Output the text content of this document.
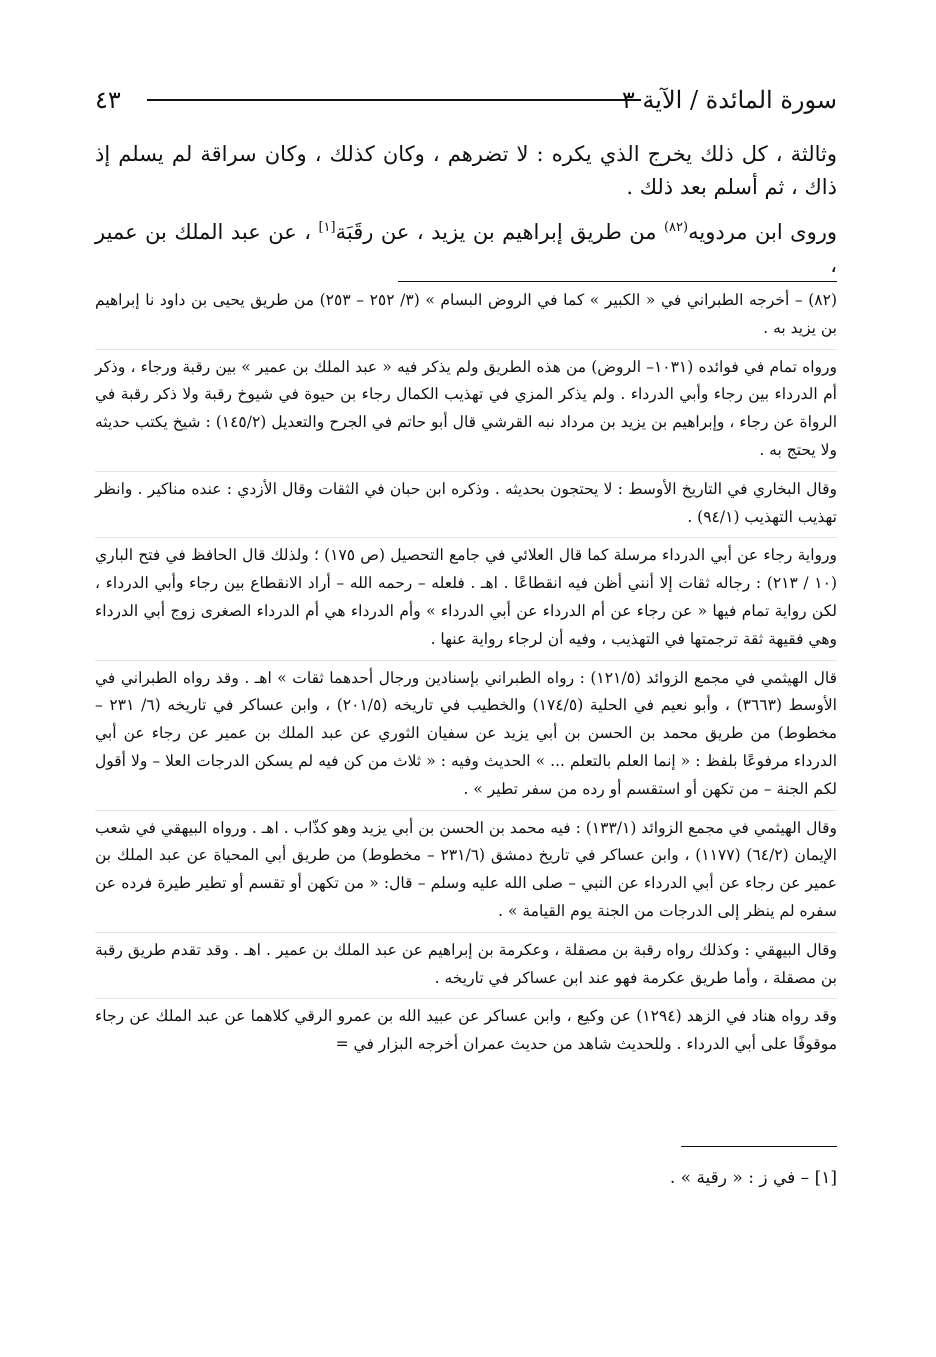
سورة المائدة / الآية ٣
٤٣

وثالثة ، كل ذلك يخرج الذي يكره : لا تضرهم ، وكان كذلك ، وكان سراقة لم يسلم إذ ذاك ، ثم أسلم بعد ذلك .

وروى ابن مردويه$^{(٨٢)}$ من طريق إبراهيم بن يزيد ، عن رقَبَة[١] ، عن عبد الملك بن عمير ،

(٨٢) – أخرجه الطبراني في « الكبير » كما في الروض البسام » (٣/ ٢٥٢ – ٢٥٣) من طريق يحيى بن داود نا إبراهيم بن يزيد به .
ورواه تمام في فوائده (١٠٣١– الروض) من هذه الطريق ولم يذكر فيه « عبد الملك بن عمير » بين رقبة ورجاء ، وذكر أم الدرداء بين رجاء وأبي الدرداء . ولم يذكر المزي في تهذيب الكمال رجاء بن حيوة في شيوخ رقبة ولا ذكر رقبة في الرواة عن رجاء ، وإبراهيم بن يزيد بن مرداد نبه القرشي قال أبو حاتم في الجرح والتعديل (١٤٥/٢) : شيخ يكتب حديثه ولا يحتج به .
وقال البخاري في التاريخ الأوسط : لا يحتجون بحديثه . وذكره ابن حبان في الثقات وقال الأزدي : عنده مناكير . وانظر تهذيب التهذيب (٩٤/١) .
ورواية رجاء عن أبي الدرداء مرسلة كما قال العلائي في جامع التحصيل (ص ١٧٥) ؛ ولذلك قال الحافظ في فتح الباري (١٠ / ٢١٣) : رجاله ثقات إلا أنني أظن فيه انقطاعًا . اهـ . فلعله – رحمه الله – أراد الانقطاع بين رجاء وأبي الدرداء ، لكن رواية تمام فيها « عن رجاء عن أم الدرداء عن أبي الدرداء » وأم الدرداء هي أم الدرداء الصغرى زوج أبي الدرداء وهي فقيهة ثقة ترجمتها في التهذيب ، وفيه أن لرجاء رواية عنها .
قال الهيثمي في مجمع الزوائد (١٢١/٥) : رواه الطبراني بإسنادين ورجال أحدهما ثقات » اهـ . وقد رواه الطبراني في الأوسط (٣٦٦٣) ، وأبو نعيم في الحلية (١٧٤/٥) والخطيب في تاريخه (٢٠١/٥) ، وابن عساكر في تاريخه (٦/ ٢٣١ – مخطوط) من طريق محمد بن الحسن بن أبي يزيد عن سفيان الثوري عن عبد الملك بن عمير عن رجاء عن أبي الدرداء مرفوعًا بلفظ : « إنما العلم بالتعلم ... » الحديث وفيه : « ثلاث من كن فيه لم يسكن الدرجات العلا – ولا أقول لكم الجنة – من تكهن أو استقسم أو رده من سفر تطير » .
وقال الهيثمي في مجمع الزوائد (١٣٣/١) : فيه محمد بن الحسن بن أبي يزيد وهو كذّاب . اهـ . ورواه البيهقي في شعب الإيمان (٦٤/٢) (١١٧٧) ، وابن عساكر في تاريخ دمشق (٢٣١/٦ – مخطوط) من طريق أبي المحياة عن عبد الملك بن عمير عن رجاء عن أبي الدرداء عن النبي – صلى الله عليه وسلم – قال: « من تكهن أو تقسم أو تطير طيرة فرده عن سفره لم ينظر إلى الدرجات من الجنة يوم القيامة » .
وقال البيهقي : وكذلك رواه رقبة بن مصقلة ، وعكرمة بن إبراهيم عن عبد الملك بن عمير . اهـ . وقد تقدم طريق رقبة بن مصقلة ، وأما طريق عكرمة فهو عند ابن عساكر في تاريخه .
وقد رواه هناد في الزهد (١٢٩٤) عن وكيع ، وابن عساكر عن عبيد الله بن عمرو الرقي كلاهما عن عبد الملك عن رجاء موقوفًا على أبي الدرداء . وللحديث شاهد من حديث عمران أخرجه البزار في =
[١] – في ز : « رقية » .
